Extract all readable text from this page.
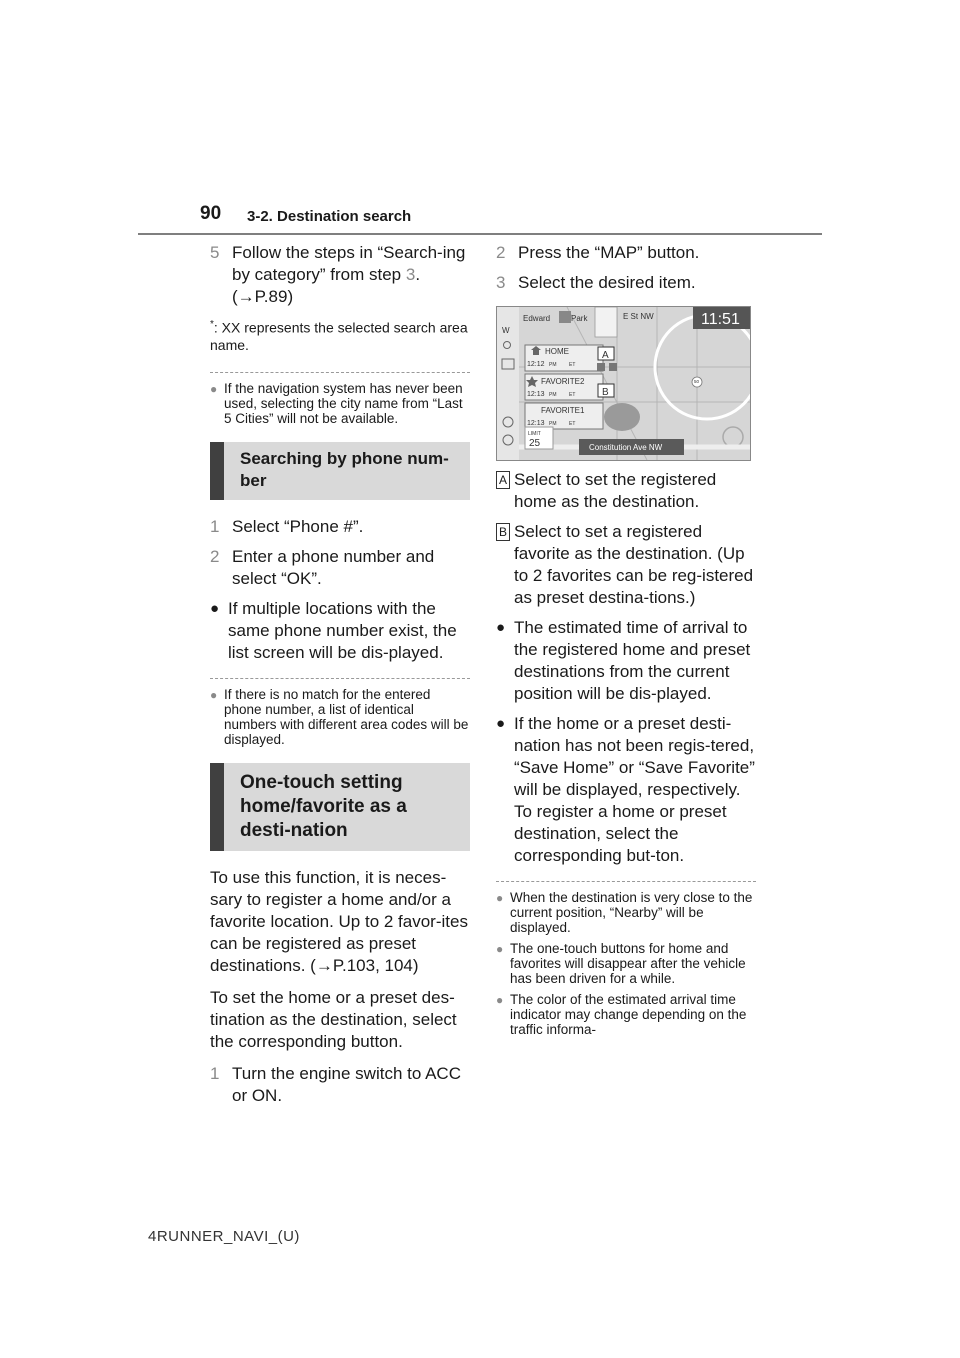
90 3-2. Destination search
5 Follow the steps in “Search-ing by category” from step 3.
(→P.89)
*: XX represents the selected search area name.
● If the navigation system has never been used, selecting the city name from “Last 5 Cities” will not be available.
Searching by phone num-ber
1 Select “Phone #”.
2 Enter a phone number and select “OK”.
● If multiple locations with the same phone number exist, the list screen will be dis-played.
● If there is no match for the entered phone number, a list of identical numbers with different area codes will be displayed.
One-touch setting home/favorite as a desti-nation
To use this function, it is neces-sary to register a home and/or a favorite location. Up to 2 favor-ites can be registered as preset destinations. (→P.103, 104)
To set the home or a preset des-tination as the destination, select the corresponding button.
1 Turn the engine switch to ACC or ON.
2 Press the “MAP” button.
3 Select the desired item.
Edward	Park	E St NW
W
50
11:51
HOME
12:12 PM	ET
FAVORITE2
12:13 PM	ET
FAVORITE1
12:13 PM	ET
LIMIT
25	Constitution Ave NW
A
B
A Select to set the registered home as the destination.
B Select to set a registered favorite as the destination. (Up to 2 favorites can be reg-istered as preset destina-tions.)
● The estimated time of arrival to the registered home and preset destinations from the current position will be dis-played.
● If the home or a preset desti-nation has not been regis-tered, “Save Home” or “Save Favorite” will be displayed, respectively. To register a home or preset destination, select the corresponding but-ton.
● When the destination is very close to the current position, “Nearby” will be displayed.
● The one-touch buttons for home and favorites will disappear after the vehicle has been driven for a while.
● The color of the estimated arrival time indicator may change depending on the traffic informa-
4RUNNER_NAVI_(U)
